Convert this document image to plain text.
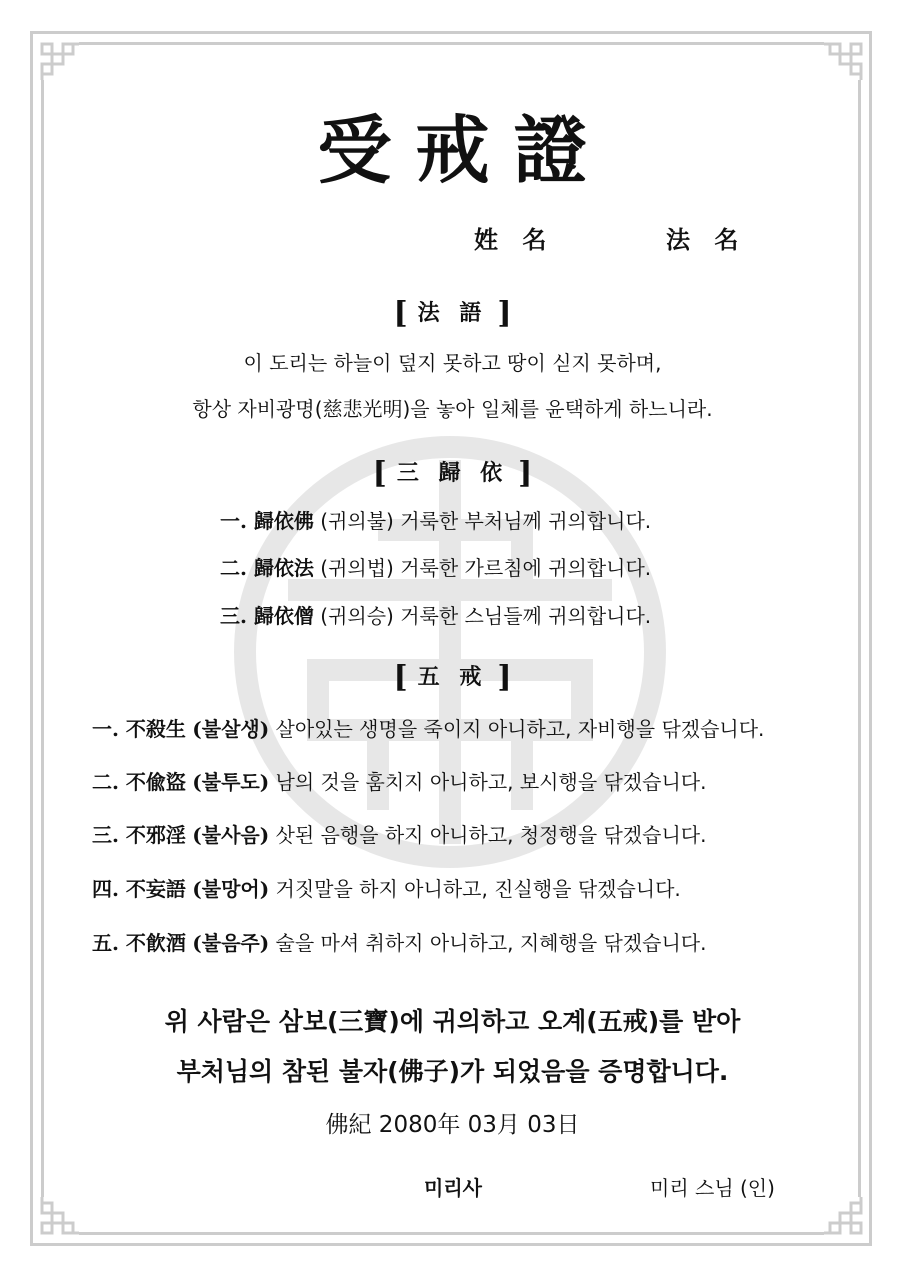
受戒證
姓 名	法 名
[ 法 語 ]
이 도리는 하늘이 덮지 못하고 땅이 싣지 못하며,
항상 자비광명(慈悲光明)을 놓아 일체를 윤택하게 하느니라.
[ 三 歸 依 ]
一. 歸依佛 (귀의불) 거룩한 부처님께 귀의합니다.
二. 歸依法 (귀의법) 거룩한 가르침에 귀의합니다.
三. 歸依僧 (귀의승) 거룩한 스님들께 귀의합니다.
[ 五 戒 ]
一. 不殺生 (불살생) 살아있는 생명을 죽이지 아니하고, 자비행을 닦겠습니다.
二. 不偸盜 (불투도) 남의 것을 훔치지 아니하고, 보시행을 닦겠습니다.
三. 不邪淫 (불사음) 삿된 음행을 하지 아니하고, 청정행을 닦겠습니다.
四. 不妄語 (불망어) 거짓말을 하지 아니하고, 진실행을 닦겠습니다.
五. 不飮酒 (불음주) 술을 마셔 취하지 아니하고, 지혜행을 닦겠습니다.
위 사람은 삼보(三寶)에 귀의하고 오계(五戒)를 받아
부처님의 참된 불자(佛子)가 되었음을 증명합니다.
佛紀 2080年 03月 03日
미리사	미리 스님 (인)
